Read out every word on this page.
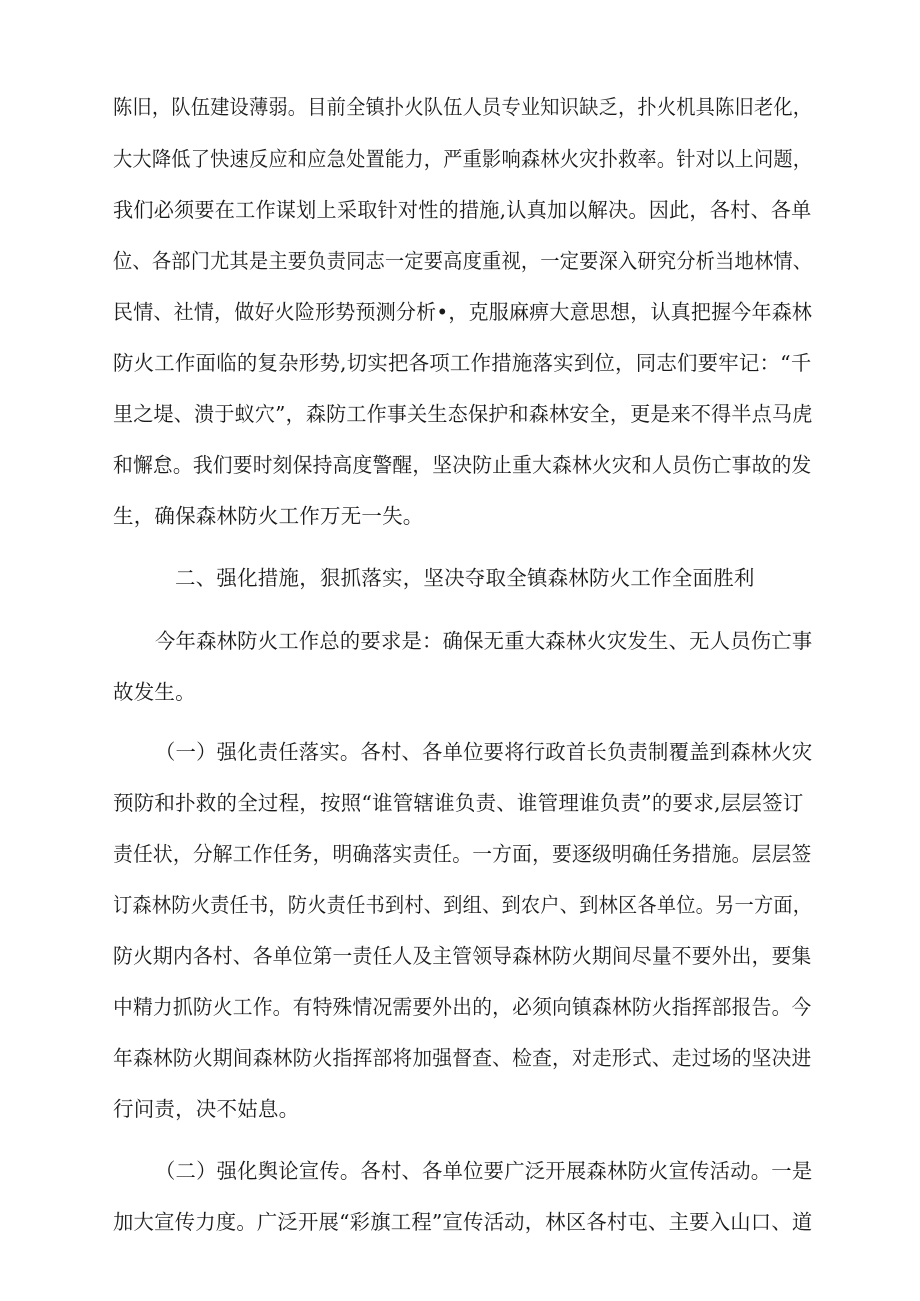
陈旧，队伍建设薄弱。目前全镇扑火队伍人员专业知识缺乏，扑火机具陈旧老化，
大大降低了快速反应和应急处置能力，严重影响森林火灾扑救率。针对以上问题，
我们必须要在工作谋划上采取针对性的措施,认真加以解决。因此，各村、各单
位、各部门尤其是主要负责同志一定要高度重视，一定要深入研究分析当地林情、
民情、社情，做好火险形势预测分析•，克服麻痹大意思想，认真把握今年森林
防火工作面临的复杂形势,切实把各项工作措施落实到位，同志们要牢记：“千
里之堤、溃于蚁穴”，森防工作事关生态保护和森林安全，更是来不得半点马虎
和懈怠。我们要时刻保持高度警醒，坚决防止重大森林火灾和人员伤亡事故的发
生，确保森林防火工作万无一失。
二、强化措施，狠抓落实，坚决夺取全镇森林防火工作全面胜利
今年森林防火工作总的要求是：确保无重大森林火灾发生、无人员伤亡事
故发生。
（一）强化责任落实。各村、各单位要将行政首长负责制覆盖到森林火灾
预防和扑救的全过程，按照“谁管辖谁负责、谁管理谁负责”的要求,层层签订
责任状，分解工作任务，明确落实责任。一方面，要逐级明确任务措施。层层签
订森林防火责任书，防火责任书到村、到组、到农户、到林区各单位。另一方面，
防火期内各村、各单位第一责任人及主管领导森林防火期间尽量不要外出，要集
中精力抓防火工作。有特殊情况需要外出的，必须向镇森林防火指挥部报告。今
年森林防火期间森林防火指挥部将加强督查、检查，对走形式、走过场的坚决进
行问责，决不姑息。
（二）强化舆论宣传。各村、各单位要广泛开展森林防火宣传活动。一是
加大宣传力度。广泛开展“彩旗工程”宣传活动，林区各村屯、主要入山口、道
